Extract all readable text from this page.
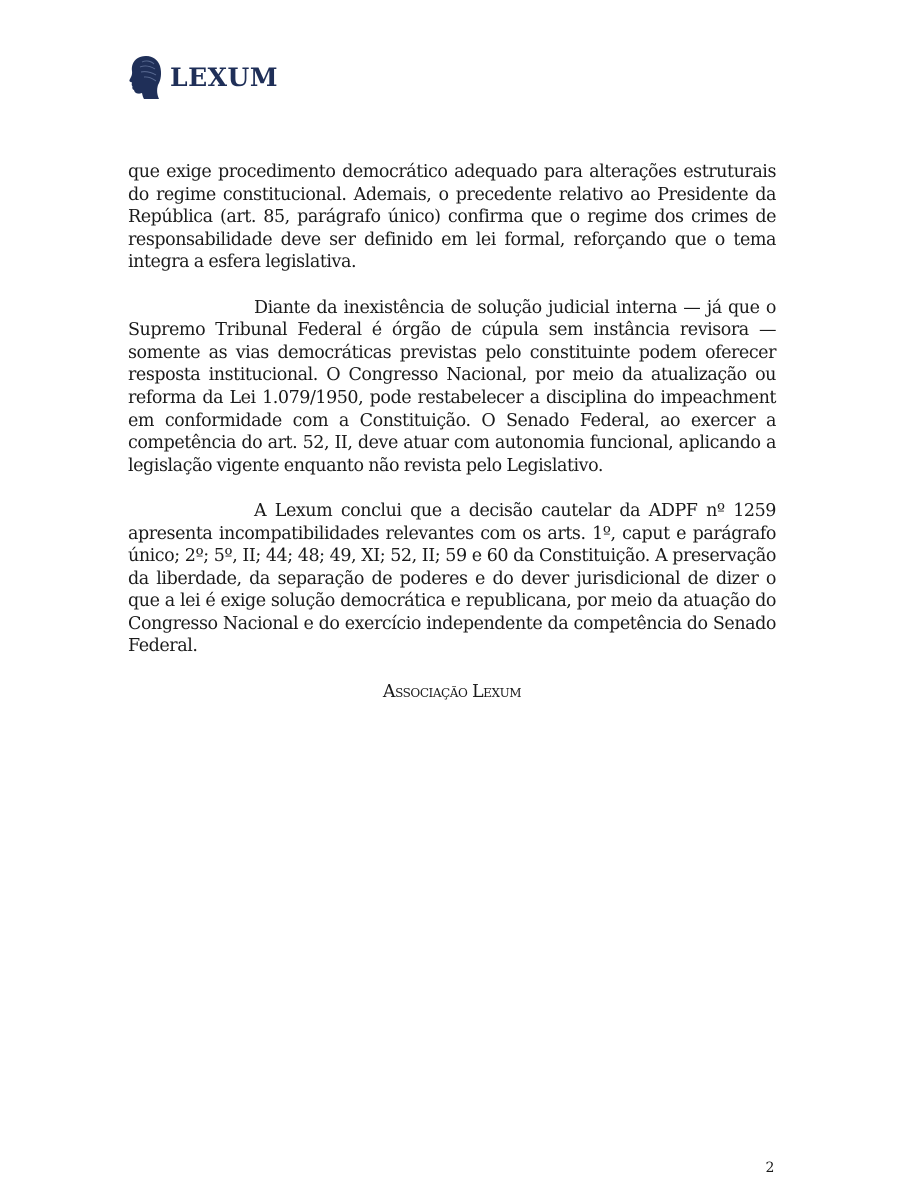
LEXUM

que exige procedimento democrático adequado para alterações estruturais do regime constitucional. Ademais, o precedente relativo ao Presidente da República (art. 85, parágrafo único) confirma que o regime dos crimes de responsabilidade deve ser definido em lei formal, reforçando que o tema integra a esfera legislativa.

Diante da inexistência de solução judicial interna — já que o Supremo Tribunal Federal é órgão de cúpula sem instância revisora — somente as vias democráticas previstas pelo constituinte podem oferecer resposta institucional. O Congresso Nacional, por meio da atualização ou reforma da Lei 1.079/1950, pode restabelecer a disciplina do impeachment em conformidade com a Constituição. O Senado Federal, ao exercer a competência do art. 52, II, deve atuar com autonomia funcional, aplicando a legislação vigente enquanto não revista pelo Legislativo.

A Lexum conclui que a decisão cautelar da ADPF nº 1259 apresenta incompatibilidades relevantes com os arts. 1º, caput e parágrafo único; 2º; 5º, II; 44; 48; 49, XI; 52, II; 59 e 60 da Constituição. A preservação da liberdade, da separação de poderes e do dever jurisdicional de dizer o que a lei é exige solução democrática e republicana, por meio da atuação do Congresso Nacional e do exercício independente da competência do Senado Federal.

Associação Lexum
2
